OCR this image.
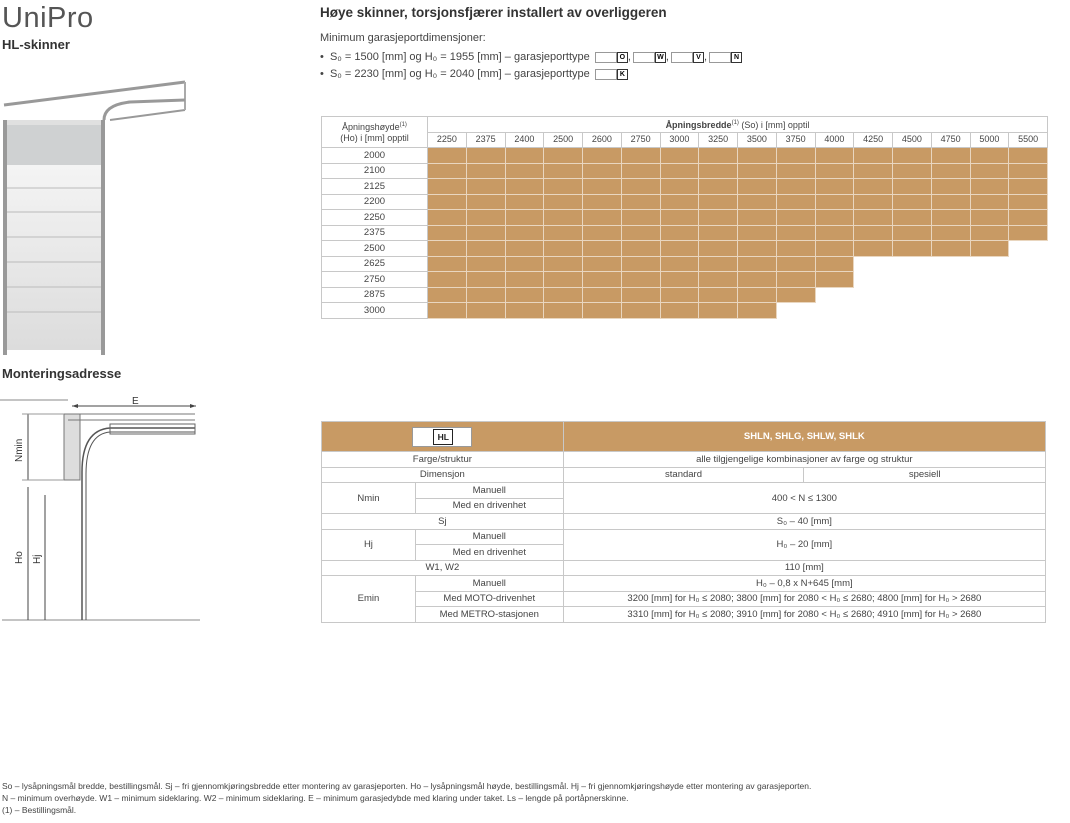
UniPro
HL-skinner
Høye skinner, torsjonsfjærer installert av overliggeren
Minimum garasjeportdimensjoner:
• S₀ = 1500 [mm] og H₀ = 1955 [mm] – garasjeporttype
	O ,	W ,	V ,	N
• S₀ = 2230 [mm] og H₀ = 2040 [mm] – garasjeporttype
	K
Åpningshøyde$^{(1)}$
(Ho) i [mm] opptil	Åpningsbredde$^{(1)}$ (So) i [mm] opptil															
	2250	2375	2400	2500	2600	2750	3000	3250	3500	3750	4000	4250	4500	4750	5000	5500
2000																
2100																
2125																
2200																
2250																
2375																
2500																
2625																
2750																
2875																
3000																
Monteringsadresse
E
Nmin
Ho Hj
HL		SHLN, SHLG, SHLW, SHLK	
Farge/struktur		alle tilgjengelige kombinasjoner av farge og struktur	
Dimensjon		standard	spesiell
Nmin	Manuell	400 < N ≤ 1300	
	Med en drivenhet		
Sj		S₀ – 40 [mm]	
Hj	Manuell	H₀ – 20 [mm]	
	Med en drivenhet		
W1, W2		110 [mm]	
Emin	Manuell	H₀ – 0,8 x N+645 [mm]	
	Med MOTO-drivenhet	3200 [mm] for H₀ ≤ 2080; 3800 [mm] for 2080 < H₀ ≤ 2680; 4800 [mm] for H₀ > 2680	
	Med METRO-stasjonen	3310 [mm] for H₀ ≤ 2080; 3910 [mm] for 2080 < H₀ ≤ 2680; 4910 [mm] for H₀ > 2680	
So – lysåpningsmål bredde, bestillingsmål. Sj – fri gjennomkjøringsbredde etter montering av garasjeporten. Ho – lysåpningsmål høyde, bestillingsmål. Hj – fri gjennomkjøringshøyde etter montering av garasjeporten.
N – minimum overhøyde. W1 – minimum sideklaring. W2 – minimum sideklaring. E – minimum garasjedybde med klaring under taket. Ls – lengde på portåpnerskinne.
(1) – Bestillingsmål.
